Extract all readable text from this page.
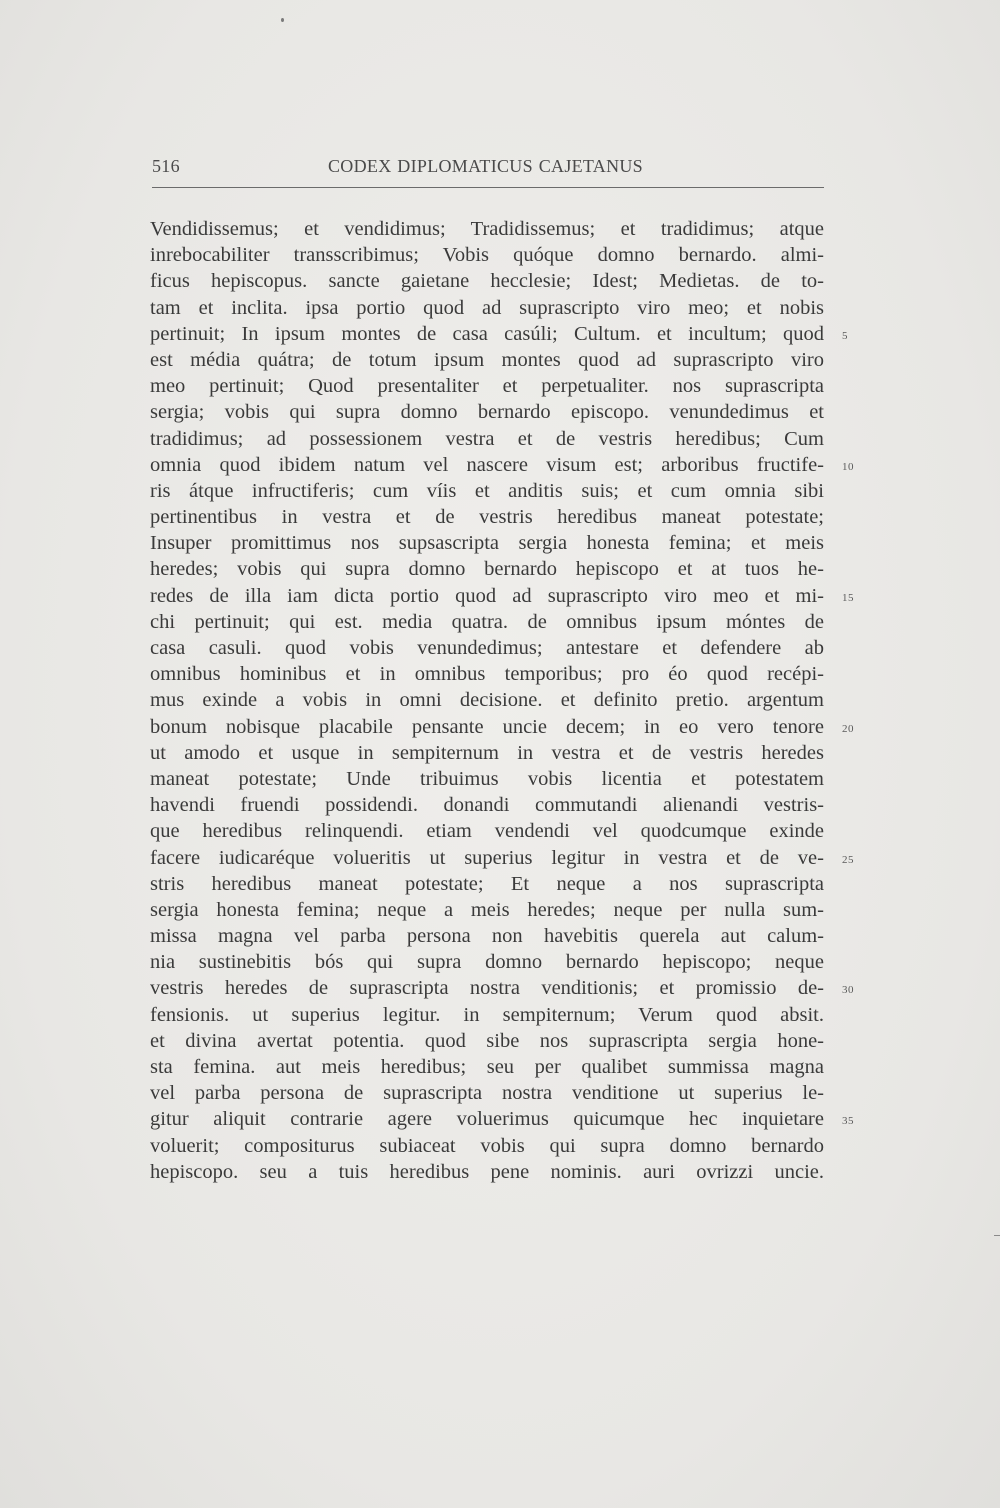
516	CODEX DIPLOMATICUS CAJETANUS
Vendidissemus; et vendidimus; Tradidissemus; et tradidimus; atque
inrebocabiliter transscribimus; Vobis quóque domno bernardo. almi-
ficus hepiscopus. sancte gaietane hecclesie; Idest; Medietas. de to-
tam et inclita. ipsa portio quod ad suprascripto viro meo; et nobis
pertinuit; In ipsum montes de casa casúli; Cultum. et incultum; quod 5
est média quátra; de totum ipsum montes quod ad suprascripto viro
meo pertinuit; Quod presentaliter et perpetualiter. nos suprascripta
sergia; vobis qui supra domno bernardo episcopo. venundedimus et
tradidimus; ad possessionem vestra et de vestris heredibus; Cum
omnia quod ibidem natum vel nascere visum est; arboribus fructife- 10
ris átque infructiferis; cum víis et anditis suis; et cum omnia sibi
pertinentibus in vestra et de vestris heredibus maneat potestate;
Insuper promittimus nos supsascripta sergia honesta femina; et meis
heredes; vobis qui supra domno bernardo hepiscopo et at tuos he-
redes de illa iam dicta portio quod ad suprascripto viro meo et mi- 15
chi pertinuit; qui est. media quatra. de omnibus ipsum móntes de
casa casuli. quod vobis venundedimus; antestare et defendere ab
omnibus hominibus et in omnibus temporibus; pro éo quod recépi-
mus exinde a vobis in omni decisione. et definito pretio. argentum
bonum nobisque placabile pensante uncie decem; in eo vero tenore 20
ut amodo et usque in sempiternum in vestra et de vestris heredes
maneat potestate; Unde tribuimus vobis licentia et potestatem
havendi fruendi possidendi. donandi commutandi alienandi vestris-
que heredibus relinquendi. etiam vendendi vel quodcumque exinde
facere iudicaréque volueritis ut superius legitur in vestra et de ve- 25
stris heredibus maneat potestate; Et neque a nos suprascripta
sergia honesta femina; neque a meis heredes; neque per nulla sum-
missa magna vel parba persona non havebitis querela aut calum-
nia sustinebitis bós qui supra domno bernardo hepiscopo; neque
vestris heredes de suprascripta nostra venditionis; et promissio de- 30
fensionis. ut superius legitur. in sempiternum; Verum quod absit.
et divina avertat potentia. quod sibe nos suprascripta sergia hone-
sta femina. aut meis heredibus; seu per qualibet summissa magna
vel parba persona de suprascripta nostra venditione ut superius le-
gitur aliquit contrarie agere voluerimus quicumque hec inquietare 35
voluerit; compositurus subiaceat vobis qui supra domno bernardo
hepiscopo. seu a tuis heredibus pene nominis. auri ovrizzi uncie.
